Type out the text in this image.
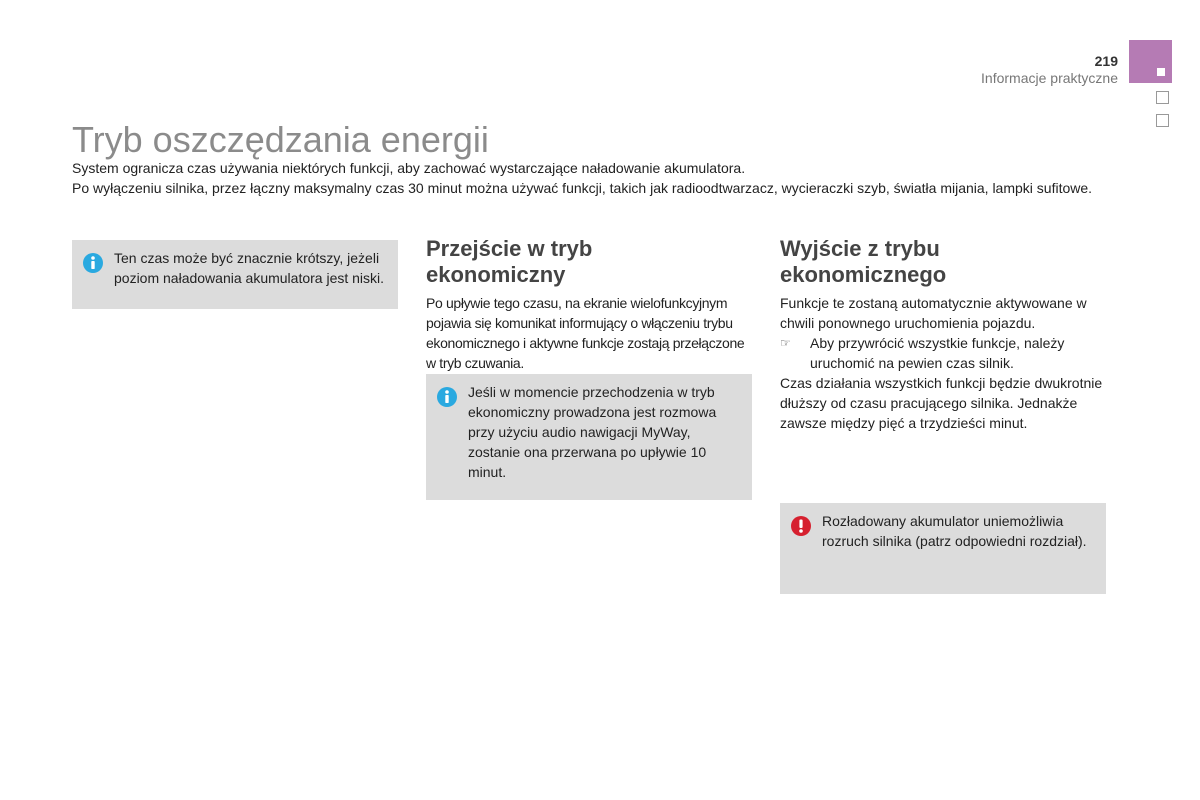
219
Informacje praktyczne
Tryb oszczędzania energii

System ogranicza czas używania niektórych funkcji, aby zachować wystarczające naładowanie akumulatora.

Po wyłączeniu silnika, przez łączny maksymalny czas 30 minut można używać funkcji, takich jak radioodtwarzacz, wycieraczki szyb, światła mijania, lampki sufitowe.

Ten czas może być znacznie krótszy, jeżeli poziom naładowania akumulatora jest niski.
Przejście w tryb ekonomiczny
Po upływie tego czasu, na ekranie wielofunkcyjnym pojawia się komunikat informujący o włączeniu trybu ekonomicznego i aktywne funkcje zostają przełączone w tryb czuwania.
Jeśli w momencie przechodzenia w tryb ekonomiczny prowadzona jest rozmowa przy użyciu audio nawigacji MyWay, zostanie ona przerwana po upływie 10 minut.
Wyjście z trybu ekonomicznego

Funkcje te zostaną automatycznie aktywowane w chwili ponownego uruchomienia pojazdu.

☞ Aby przywrócić wszystkie funkcje, należy uruchomić na pewien czas silnik.

Czas działania wszystkich funkcji będzie dwukrotnie dłuższy od czasu pracującego silnika. Jednakże zawsze między pięć a trzydzieści minut.

Rozładowany akumulator uniemożliwia rozruch silnika (patrz odpowiedni rozdział).
